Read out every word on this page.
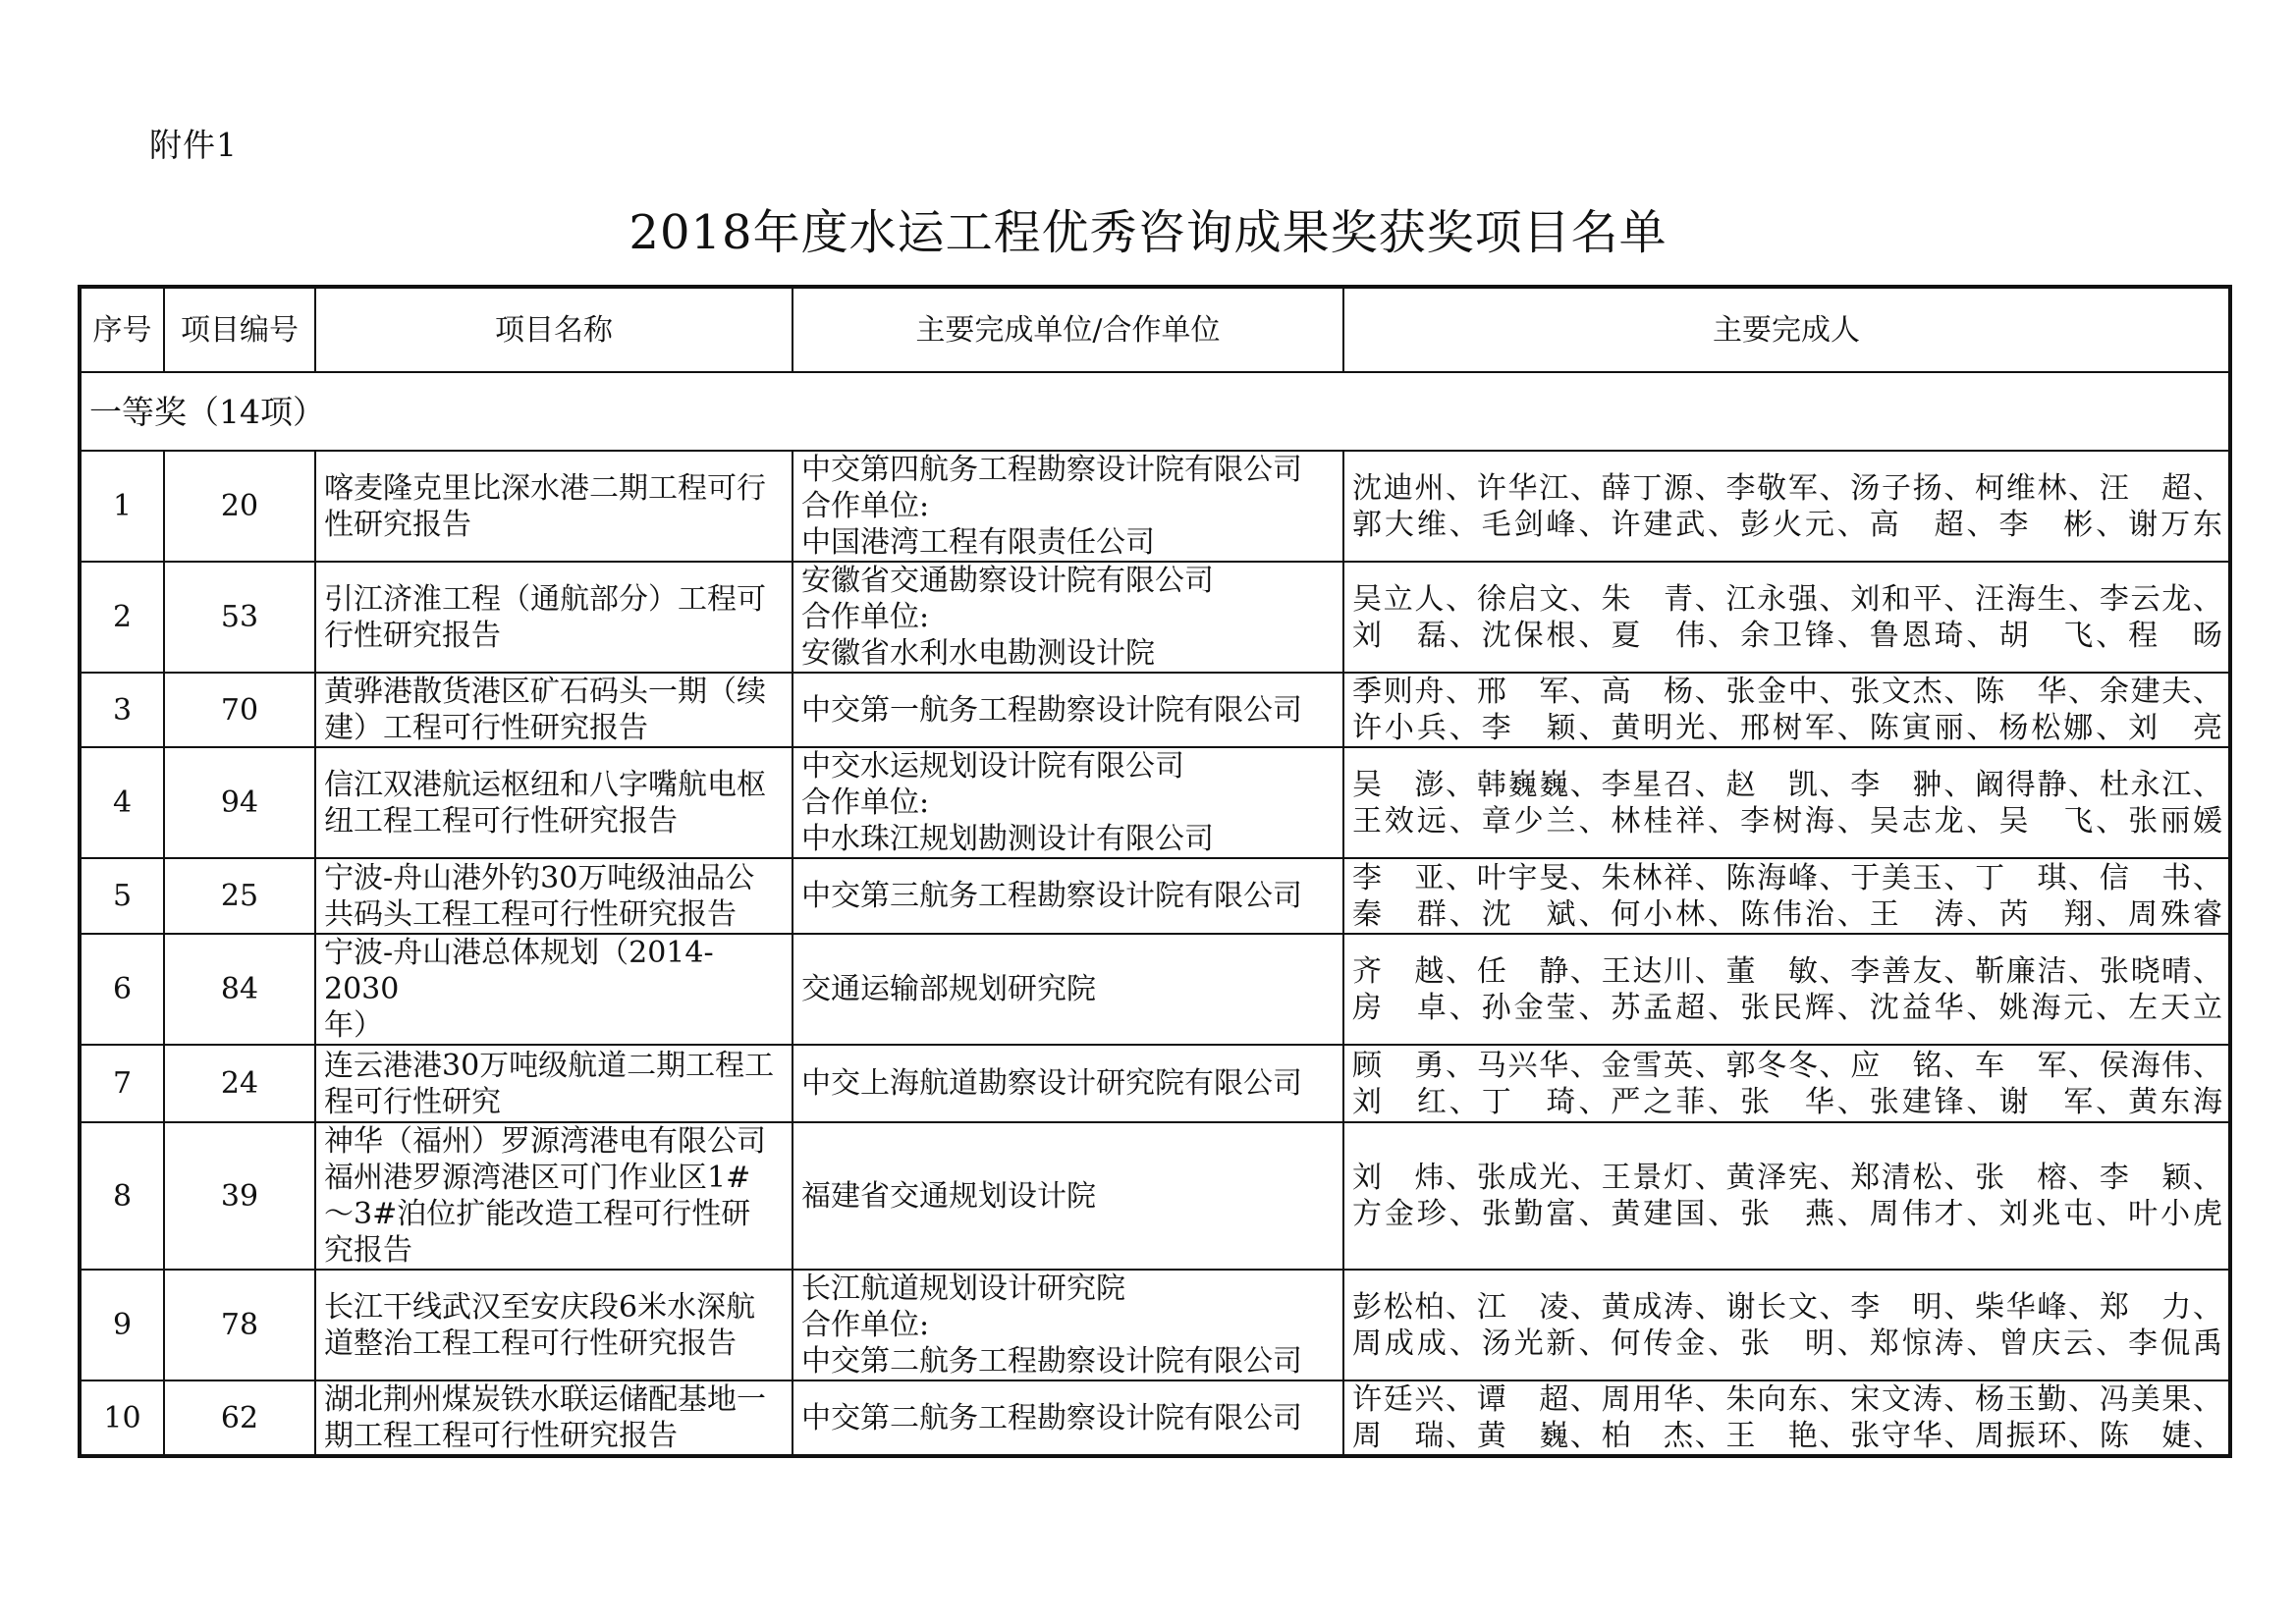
附件1
2018年度水运工程优秀咨询成果奖获奖项目名单
序号	项目编号	项目名称	主要完成单位/合作单位	主要完成人
一等奖（14项）				
1	20	喀麦隆克里比深水港二期工程可行
性研究报告	中交第四航务工程勘察设计院有限公司
合作单位:
中国港湾工程有限责任公司	沈迪州、许华江、薛丁源、李敬军、汤子扬、柯维林、汪　超、
郭大维、毛剑峰、许建武、彭火元、高　超、李　彬、谢万东

2	53	引江济淮工程（通航部分）工程可
行性研究报告	安徽省交通勘察设计院有限公司
合作单位:
安徽省水利水电勘测设计院	吴立人、徐启文、朱　青、江永强、刘和平、汪海生、李云龙、
刘　磊、沈保根、夏　伟、余卫锋、鲁恩琦、胡　飞、程　旸

3	70	黄骅港散货港区矿石码头一期（续
建）工程可行性研究报告	中交第一航务工程勘察设计院有限公司	季则舟、邢　军、高　杨、张金中、张文杰、陈　华、余建夫、
许小兵、李　颖、黄明光、邢树军、陈寅丽、杨松娜、刘　亮

4	94	信江双港航运枢纽和八字嘴航电枢
纽工程工程可行性研究报告	中交水运规划设计院有限公司
合作单位:
中水珠江规划勘测设计有限公司	吴　澎、韩巍巍、李星召、赵　凯、李　翀、阚得静、杜永江、
王效远、章少兰、林桂祥、李树海、吴志龙、吴　飞、张丽媛

5	25	宁波-舟山港外钓30万吨级油品公
共码头工程工程可行性研究报告	中交第三航务工程勘察设计院有限公司	李　亚、叶宇旻、朱林祥、陈海峰、于美玉、丁　琪、信　书、
秦　群、沈　斌、何小林、陈伟治、王　涛、芮　翔、周殊睿

6	84	宁波-舟山港总体规划（2014-2030
年）	交通运输部规划研究院	齐　越、任　静、王达川、董　敏、李善友、靳廉洁、张晓晴、
房　卓、孙金莹、苏孟超、张民辉、沈益华、姚海元、左天立

7	24	连云港港30万吨级航道二期工程工
程可行性研究	中交上海航道勘察设计研究院有限公司	顾　勇、马兴华、金雪英、郭冬冬、应　铭、车　军、侯海伟、
刘　红、丁　琦、严之菲、张　华、张建锋、谢　军、黄东海

8	39	神华（福州）罗源湾港电有限公司
福州港罗源湾港区可门作业区1#
～3#泊位扩能改造工程可行性研
究报告	福建省交通规划设计院	刘　炜、张成光、王景灯、黄泽宪、郑清松、张　榕、李　颖、
方金珍、张勤富、黄建国、张　燕、周伟才、刘兆屯、叶小虎

9	78	长江干线武汉至安庆段6米水深航
道整治工程工程可行性研究报告	长江航道规划设计研究院
合作单位:
中交第二航务工程勘察设计院有限公司	彭松柏、江　凌、黄成涛、谢长文、李　明、柴华峰、郑　力、
周成成、汤光新、何传金、张　明、郑惊涛、曾庆云、李侃禹

10	62	湖北荆州煤炭铁水联运储配基地一
期工程工程可行性研究报告	中交第二航务工程勘察设计院有限公司	许廷兴、谭　超、周用华、朱向东、宋文涛、杨玉勤、冯美果、
周　瑞、黄　巍、柏　杰、王　艳、张守华、周振环、陈　婕、
